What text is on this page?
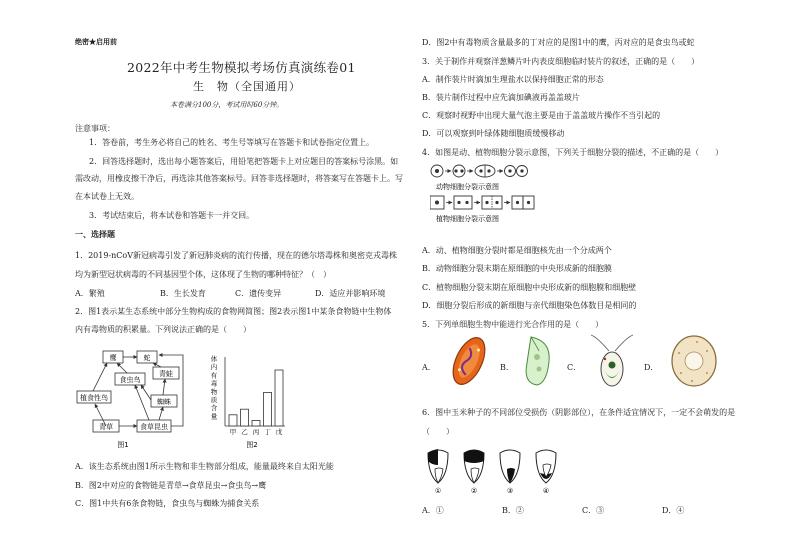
绝密★启用前
2022年中考生物模拟考场仿真演练卷01
生　物（全国通用）
本卷满分100分，考试用时60分钟。
注意事项：
1．答卷前，考生务必将自己的姓名、考生号等填写在答题卡和试卷指定位置上。
2．回答选择题时，选出每小题答案后，用铅笔把答题卡上对应题目的答案标号涂黑。如
需改动，用橡皮擦干净后，再选涂其他答案标号。回答非选择题时，将答案写在答题卡上。写
在本试卷上无效。
3．考试结束后，将本试卷和答题卡一并交回。
一、选择题
1．2019-nCoV新冠病毒引发了新冠肺炎病的流行传播，现在的德尔塔毒株和奥密克戎毒株
均为新型冠状病毒的不同基因型个体，这体现了生物的哪种特征？（　）
A．繁殖	B．生长发育	C．遗传变异	D．适应并影响环境
2．图1表示某生态系统中部分生物构成的食物网简图；图2表示图1中某条食物链中生物体
内有毒物质的积累量。下列说法正确的是（　　）
鹰	蛇
食虫鸟
青蛙
植食性鸟	蜘蛛
青草	食草昆虫
图1
体
内
有
毒
物
质
含
量
甲 乙 丙 丁 戊
图2
A．该生态系统由图1所示生物和非生物部分组成，能量最终来自太阳光能
B．图2中对应的食物链是青草→食草昆虫→食虫鸟→鹰
C．图1中共有6条食物链，食虫鸟与蜘蛛为捕食关系
D．图2中有毒物质含量最多的丁对应的是图1中的鹰，丙对应的是食虫鸟或蛇
3．关于制作并观察洋葱鳞片叶内表皮细胞临时装片的叙述，正确的是（　　）
A．制作装片时滴加生理盐水以保持细胞正常的形态
B．装片制作过程中应先滴加碘液再盖盖玻片
C．观察时视野中出现大量气泡主要是由于盖盖玻片操作不当引起的
D．可以观察到叶绿体随细胞质缓慢移动
4．如图是动、植物细胞分裂示意图，下列关于细胞分裂的描述，不正确的是（　　）
动物细胞分裂示意图
植物细胞分裂示意图
A．动、植物细胞分裂时都是细胞核先由一个分成两个
B．动物细胞分裂末期在原细胞的中央形成新的细胞膜
C．植物细胞分裂末期在原细胞中央形成新的细胞膜和细胞壁
D．细胞分裂后形成的新细胞与亲代细胞染色体数目是相同的
5．下列单细胞生物中能进行光合作用的是（　　）
A．	B．	C．	D．
6．图中玉米种子的不同部位受损伤（阴影部位），在条件适宜情况下，一定不会萌发的是
（　　）
①	②	③	④
A．①	B．②	C．③	D．④
